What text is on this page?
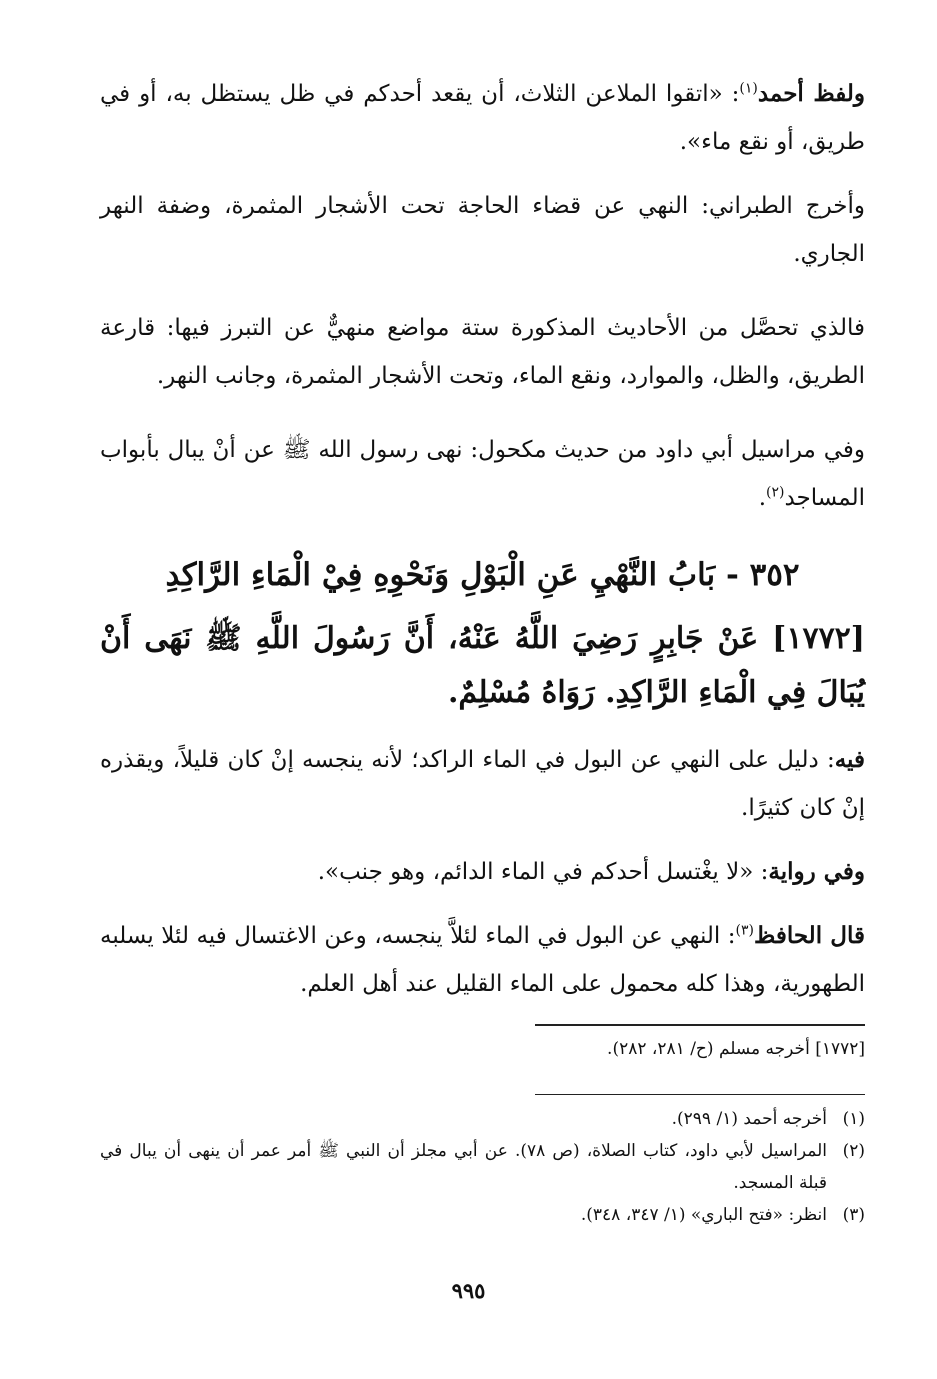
ولفظ أحمد$^{(١)}$: «اتقوا الملاعن الثلاث، أن يقعد أحدكم في ظل يستظل به، أو في طريق، أو نقع ماء».

وأخرج الطبراني: النهي عن قضاء الحاجة تحت الأشجار المثمرة، وضفة النهر الجاري.

فالذي تحصَّل من الأحاديث المذكورة ستة مواضع منهيٌّ عن التبرز فيها: قارعة الطريق، والظل، والموارد، ونقع الماء، وتحت الأشجار المثمرة، وجانب النهر.

وفي مراسيل أبي داود من حديث مكحول: نهى رسول الله ﷺ عن أنْ يبال بأبواب المساجد$^{(٢)}$.

٣٥٢ - بَابُ النَّهْيِ عَنِ الْبَوْلِ وَنَحْوِهِ فِيْ الْمَاءِ الرَّاكِدِ

[١٧٧٢] عَنْ جَابِرٍ رَضِيَ اللَّهُ عَنْهُ، أَنَّ رَسُولَ اللَّهِ ﷺ نَهَى أَنْ يُبَالَ فِي الْمَاءِ الرَّاكِدِ. رَوَاهُ مُسْلِمٌ.

فيه: دليل على النهي عن البول في الماء الراكد؛ لأنه ينجسه إنْ كان قليلاً، ويقذره إنْ كان كثيرًا.

وفي رواية: «لا يغْتسل أحدكم في الماء الدائم، وهو جنب».

قال الحافظ$^{(٣)}$: النهي عن البول في الماء لئلاَّ ينجسه، وعن الاغتسال فيه لئلا يسلبه الطهورية، وهذا كله محمول على الماء القليل عند أهل العلم.

[١٧٧٢] أخرجه مسلم (ح/ ٢٨١، ٢٨٢).

(١)
أخرجه أحمد (١/ ٢٩٩).
(٢)
المراسيل لأبي داود، كتاب الصلاة، (ص ٧٨). عن أبي مجلز أن النبي ﷺ أمر عمر أن ينهى أن يبال في قبلة المسجد.
(٣)
انظر: «فتح الباري» (١/ ٣٤٧، ٣٤٨).
٩٩٥
